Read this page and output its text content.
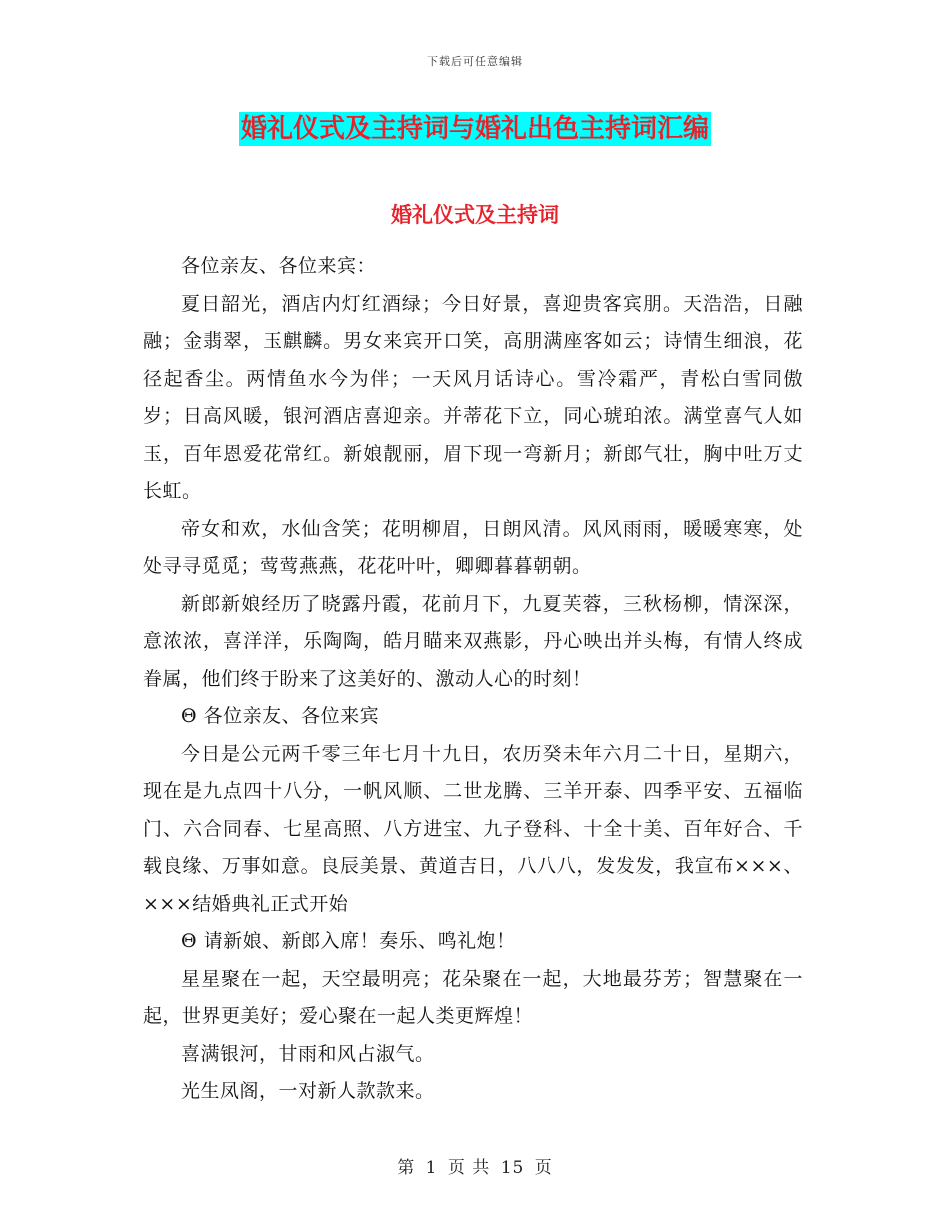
下载后可任意编辑
婚礼仪式及主持词与婚礼出色主持词汇编
婚礼仪式及主持词

各位亲友、各位来宾：

夏日韶光，酒店内灯红酒绿；今日好景，喜迎贵客宾朋。天浩浩，日融融；金翡翠，玉麒麟。男女来宾开口笑，高朋满座客如云；诗情生细浪，花径起香尘。两情鱼水今为伴；一天风月话诗心。雪冷霜严，青松白雪同傲岁；日高风暖，银河酒店喜迎亲。并蒂花下立，同心琥珀浓。满堂喜气人如玉，百年恩爱花常红。新娘靓丽，眉下现一弯新月；新郎气壮，胸中吐万丈长虹。

帝女和欢，水仙含笑；花明柳眉，日朗风清。风风雨雨，暖暖寒寒，处处寻寻觅觅；莺莺燕燕，花花叶叶，卿卿暮暮朝朝。

新郎新娘经历了晓露丹霞，花前月下，九夏芙蓉，三秋杨柳，情深深，意浓浓，喜洋洋，乐陶陶，皓月瞄来双燕影，丹心映出并头梅，有情人终成眷属，他们终于盼来了这美好的、激动人心的时刻！

Θ 各位亲友、各位来宾

今日是公元两千零三年七月十九日，农历癸未年六月二十日，星期六，现在是九点四十八分，一帆风顺、二世龙腾、三羊开泰、四季平安、五福临门、六合同春、七星高照、八方进宝、九子登科、十全十美、百年好合、千载良缘、万事如意。良辰美景、黄道吉日，八八八，发发发，我宣布×××、×××结婚典礼正式开始

Θ 请新娘、新郎入席！奏乐、鸣礼炮！

星星聚在一起，天空最明亮；花朵聚在一起，大地最芬芳；智慧聚在一起，世界更美好；爱心聚在一起人类更辉煌！

喜满银河，甘雨和风占淑气。

光生凤阁，一对新人款款来。

第 1 页 共 15 页
